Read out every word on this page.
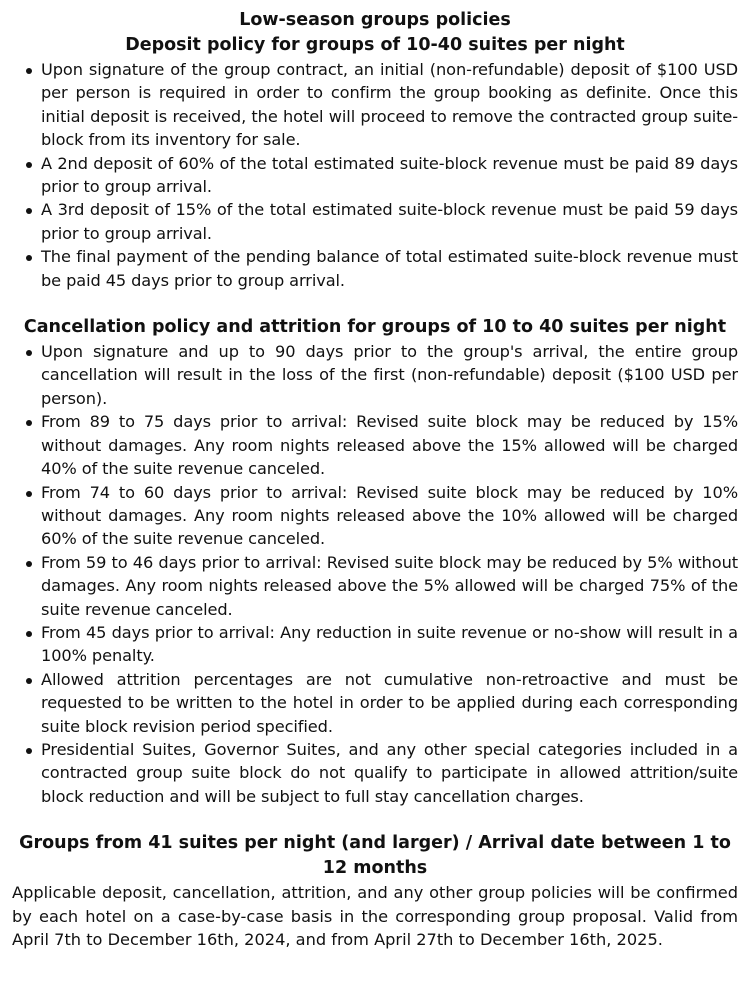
Low-season groups policies
Deposit policy for groups of 10-40 suites per night
Upon signature of the group contract, an initial (non-refundable) deposit of $100 USD per person is required in order to confirm the group booking as definite. Once this initial deposit is received, the hotel will proceed to remove the contracted group suite-block from its inventory for sale.
A 2nd deposit of 60% of the total estimated suite-block revenue must be paid 89 days prior to group arrival.
A 3rd deposit of 15% of the total estimated suite-block revenue must be paid 59 days prior to group arrival.
The final payment of the pending balance of total estimated suite-block revenue must be paid 45 days prior to group arrival.
Cancellation policy and attrition for groups of 10 to 40 suites per night
Upon signature and up to 90 days prior to the group's arrival, the entire group cancellation will result in the loss of the first (non-refundable) deposit ($100 USD per person).
From 89 to 75 days prior to arrival: Revised suite block may be reduced by 15% without damages. Any room nights released above the 15% allowed will be charged 40% of the suite revenue canceled.
From 74 to 60 days prior to arrival: Revised suite block may be reduced by 10% without damages. Any room nights released above the 10% allowed will be charged 60% of the suite revenue canceled.
From 59 to 46 days prior to arrival: Revised suite block may be reduced by 5% without damages. Any room nights released above the 5% allowed will be charged 75% of the suite revenue canceled.
From 45 days prior to arrival: Any reduction in suite revenue or no-show will result in a 100% penalty.
Allowed attrition percentages are not cumulative non-retroactive and must be requested to be written to the hotel in order to be applied during each corresponding suite block revision period specified.
Presidential Suites, Governor Suites, and any other special categories included in a contracted group suite block do not qualify to participate in allowed attrition/suite block reduction and will be subject to full stay cancellation charges.
Groups from 41 suites per night (and larger) / Arrival date between 1 to 12 months

Applicable deposit, cancellation, attrition, and any other group policies will be confirmed by each hotel on a case-by-case basis in the corresponding group proposal. Valid from April 7th to December 16th, 2024, and from April 27th to December 16th, 2025.
